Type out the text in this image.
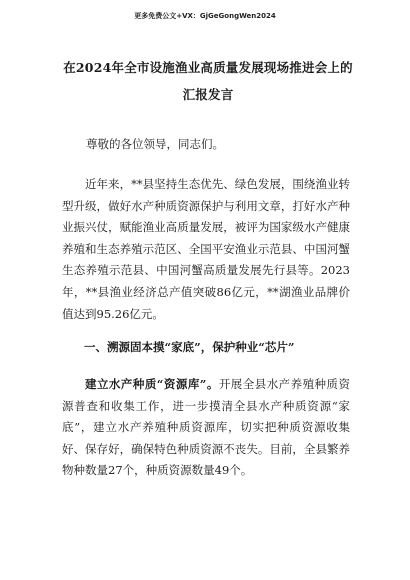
更多免费公文+VX：GjGeGongWen2024
在2024年全市设施渔业高质量发展现场推进会上的汇报发言
尊敬的各位领导，同志们。
近年来，**县坚持生态优先、绿色发展，围绕渔业转型升级，做好水产种质资源保护与利用文章，打好水产种业振兴仗，赋能渔业高质量发展，被评为国家级水产健康养殖和生态养殖示范区、全国平安渔业示范县、中国河蟹生态养殖示范县、中国河蟹高质量发展先行县等。2023年，**县渔业经济总产值突破86亿元，**湖渔业品牌价值达到95.26亿元。
一、溯源固本摸“家底”，保护种业“芯片”
建立水产种质“资源库”。开展全县水产养殖种质资源普查和收集工作，进一步摸清全县水产种质资源“家底”，建立水产养殖种质资源库，切实把种质资源收集好、保存好，确保特色种质资源不丧失。目前，全县繁养物种数量27个，种质资源数量49个。
